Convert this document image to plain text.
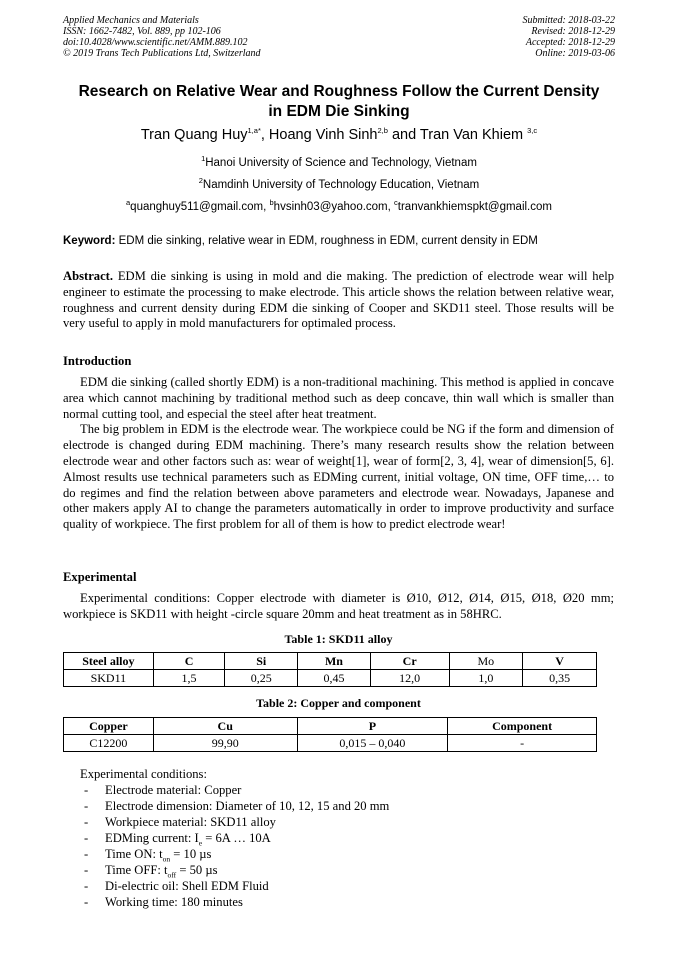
Applied Mechanics and Materials
ISSN: 1662-7482, Vol. 889, pp 102-106
doi:10.4028/www.scientific.net/AMM.889.102
© 2019 Trans Tech Publications Ltd, Switzerland
Submitted: 2018-03-22
Revised: 2018-12-29
Accepted: 2018-12-29
Online: 2019-03-06
Research on Relative Wear and Roughness Follow the Current Density
in EDM Die Sinking
Tran Quang Huy$^{1,a*}$, Hoang Vinh Sinh$^{2,b}$ and Tran Van Khiem $^{3,c}$
$^1$Hanoi University of Science and Technology, Vietnam
$^2$Namdinh University of Technology Education, Vietnam
$^a$quanghuy511@gmail.com, $^b$hvsinh03@yahoo.com, $^c$tranvankhiemspkt@gmail.com
Keyword: EDM die sinking, relative wear in EDM, roughness in EDM, current density in EDM

Abstract. EDM die sinking is using in mold and die making. The prediction of electrode wear will help engineer to estimate the processing to make electrode. This article shows the relation between relative wear, roughness and current density during EDM die sinking of Cooper and SKD11 steel. Those results will be very useful to apply in mold manufacturers for optimaled process.

Introduction

EDM die sinking (called shortly EDM) is a non-traditional machining. This method is applied in concave area which cannot machining by traditional method such as deep concave, thin wall which is smaller than normal cutting tool, and especial the steel after heat treatment.

The big problem in EDM is the electrode wear. The workpiece could be NG if the form and dimension of electrode is changed during EDM machining. There’s many research results show the relation between electrode wear and other factors such as: wear of weight[1], wear of form[2, 3, 4], wear of dimension[5, 6]. Almost results use technical parameters such as EDMing current, initial voltage, ON time, OFF time,… to do regimes and find the relation between above parameters and electrode wear. Nowadays, Japanese and other makers apply AI to change the parameters automatically in order to improve productivity and surface quality of workpiece. The first problem for all of them is how to predict electrode wear!

Experimental

Experimental conditions: Copper electrode with diameter is Ø10, Ø12, Ø14, Ø15, Ø18, Ø20 mm; workpiece is SKD11 with height -circle square 20mm and heat treatment as in 58HRC.

Table 1: SKD11 alloy
Steel alloy	C	Si	Mn	Cr	Mo	V
SKD11	1,5	0,25	0,45	12,0	1,0	0,35
Table 2: Copper and component
Copper	Cu	P	Component
C12200	99,90	0,015 – 0,040	-
Experimental conditions:
- Electrode material: Copper
- Electrode dimension: Diameter of 10, 12, 15 and 20 mm
- Workpiece material: SKD11 alloy
- EDMing current: $I_e = 6A$ … 10A
- Time ON: $t_{on} = 10$ µs
- Time OFF: $t_{off} = 50$ µs
- Di-electric oil: Shell EDM Fluid
- Working time: 180 minutes
